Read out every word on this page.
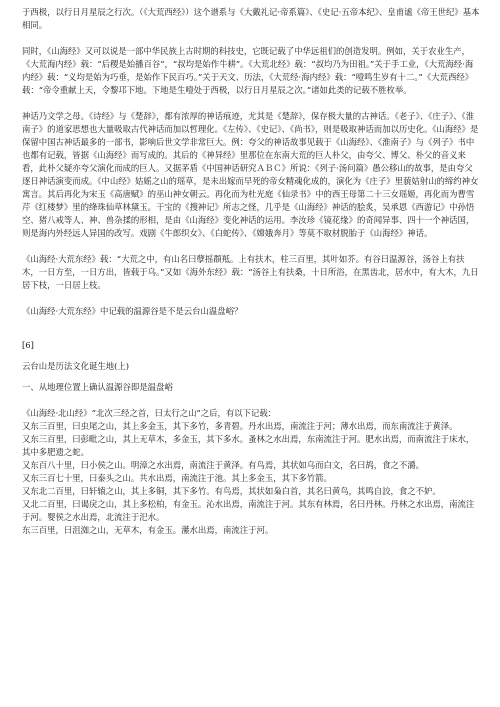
于西极，以行日月星辰之行次。（《大荒西经》）这个谱系与《大戴礼记·帝系篇》、《史记·五帝本纪》、皇甫谧《帝王世纪》基本相同。

同时，《山海经》又可以说是一部中华民族上古时期的科技史，它既记载了中华远祖们的创造发明。例如，关于农业生产，《大荒海内经》载：“后稷是始播百谷”，“叔均是始作牛耕”。《大荒北经》载：“叔均乃为田祖。”关于手工业，《大荒海经·海内经》载：“义均是始为巧垂，是始作下民百巧。”关于天文、历法，《大荒经·海内经》载：“噎鸣生岁有十二。”《大荒西经》载：“帝令重献上天，令黎邛下地。下地是生噎处于西极，以行日月星辰之次。”诸如此类的记载不胜枚举。

神话乃文学之母。《诗经》与《楚辞》，都有浓厚的神话痕迹，尤其是《楚辞》，保存极大量的古神话。《老子》、《庄子》、《淮南子》的道家思想也大量吸取古代神话而加以哲理化。《左传》、《史记》、《尚书》，则是吸取神话而加以历史化。《山海经》是保留中国古神话最多的一部书，影响后世文学非常巨大。例：夸父的神话故事见载于《山海经》、《淮南子》与《列子》书中也都有记载，皆据《山海经》而写成的。其后的《神异经》里那位在东南大荒的巨人朴父，由夸父、博父、朴父的音义来看，此朴父疑亦夸父演化而成的巨人。又据茅盾《中国神话研究ＡＢＣ》所说：《列子·汤问篇》愚公移山的故事，是由夸父逐日神话演变而成。《中山经》姑媱之山的瑶草，是未出嫁而早死的帝女精魂化成的，演化为《庄子》里藐姑射山的缔约神女寓言。其后再化为宋玉《高唐赋》的巫山神女朝云。再化而为杜光庭《仙录书》中的西王母第二十三女瑶姬，再化而为曹雪芹《红楼梦》里的绛珠仙草林黛玉。干宝的《搜神记》所志之怪，几乎是《山海经》神话的脍炙，吴承恩《西游记》中孙悟空、猪八戒等人、神、兽杂揉的形相，是由《山海经》变化神话的运用。李汝珍《镜花缘》的奇闻异事、四十一个神话国，则是海内外经远人异国的改写。戏剧《牛郎织女》、《白蛇传》、《嫦娥奔月》等莫不取材脱胎于《山海经》神话。

《山海经·大荒东经》载：“大荒之中，有山名曰孽摇頵羝。上有扶木，柱三百里，其叶如芥。有谷曰温源谷，汤谷上有扶木，一日方至，一日方出，皆载于乌。”又如《海外东经》载：“汤谷上有扶桑，十日所浴，在黑齿北，居水中，有大木，九日居下枝，一日居上枝。

《山海经·大荒东经》中记载的温源谷是不是云台山温盘峪？

[6]

云台山是历法文化诞生地(上)

一、从地理位置上确认温源谷即是温盘峪

《山海经·北山经》“北次三经之首，曰太行之山”之后，有以下记载：

又东三百里，曰虫尾之山，其上多金玉，其下多竹，多青碧。丹水出焉，南流注于河；薄水出焉，而东南流注于黄泽。

又东三百里，曰彭毗之山，其上无草木，多金玉，其下多水。蚤林之水出焉，东南流注于河。肥水出焉，而南流注于床水，其中多肥遗之蛇。

又东百八十里，曰小侯之山。明漳之水出焉，南流注于黄泽。有鸟焉，其状如乌而白文，名曰鸪，食之不灂。

又东三百七十里，曰泰头之山。共水出焉，南流注于池。其上多金玉，其下多竹箭。

又东北二百里，曰轩辕之山，其上多铜，其下多竹。有鸟焉，其状如枭白首，其名曰黄鸟，其鸣自詨，食之不妒。

又北二百里，曰谒戾之山，其上多松柏，有金玉。沁水出焉，南流注于河。其东有林焉，名曰丹林。丹林之水出焉，南流注于河。婴侯之水出焉，北流注于汜水。

东三百里，曰沮洳之山，无草木，有金玉。濝水出焉，南流注于河。
